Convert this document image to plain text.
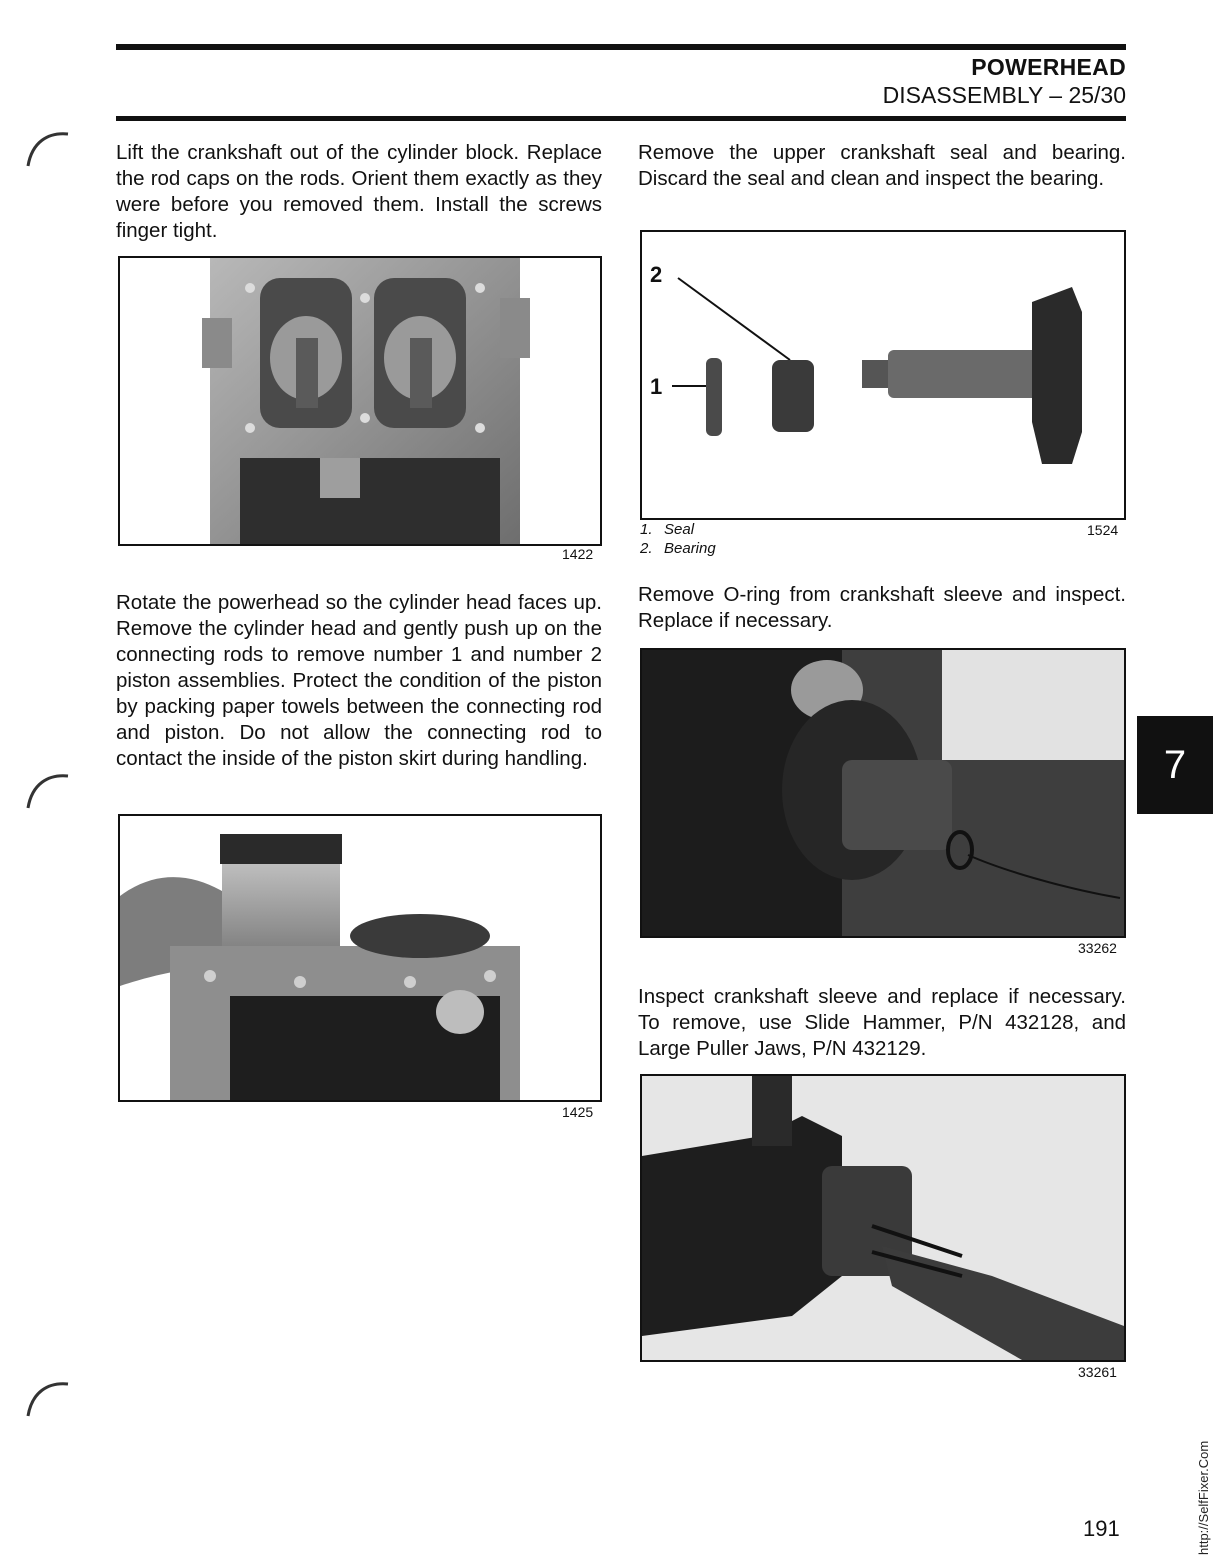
POWERHEAD
DISASSEMBLY – 25/30

Lift the crankshaft out of the cylinder block. Replace the rod caps on the rods. Orient them exactly as they were before you removed them. Install the screws finger tight.

1422

Rotate the powerhead so the cylinder head faces up. Remove the cylinder head and gently push up on the connecting rods to remove number 1 and number 2 piston assemblies. Protect the condition of the piston by packing paper towels between the connecting rod and piston. Do not allow the connecting rod to contact the inside of the piston skirt during handling.

1425

Remove the upper crankshaft seal and bearing. Discard the seal and clean and inspect the bearing.

2
1
1. Seal
2. Bearing
1524

Remove O-ring from crankshaft sleeve and inspect. Replace if necessary.

33262

Inspect crankshaft sleeve and replace if necessary. To remove, use Slide Hammer, P/N 432128, and Large Puller Jaws, P/N 432129.

33261
7
http://SelfFixer.Com
191
